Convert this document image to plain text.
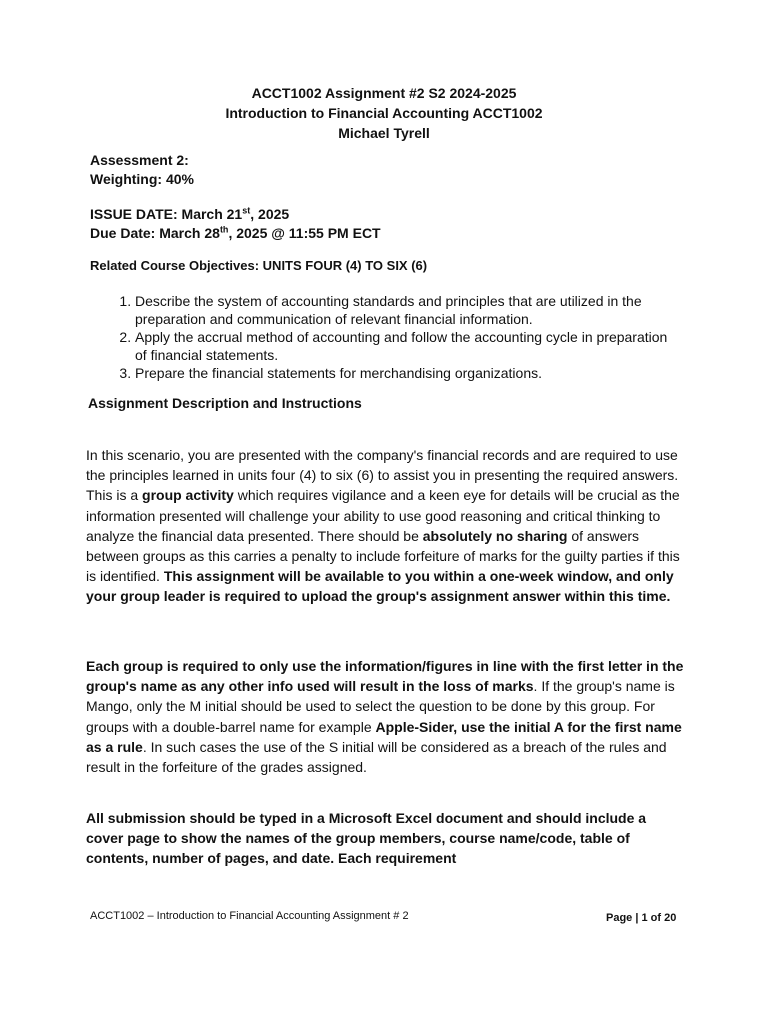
ACCT1002 Assignment #2 S2 2024-2025
Introduction to Financial Accounting ACCT1002
Michael Tyrell
Assessment 2:
Weighting: 40%
ISSUE DATE: March 21st, 2025
Due Date: March 28th, 2025 @ 11:55 PM ECT
Related Course Objectives: UNITS FOUR (4) TO SIX (6)
1. Describe the system of accounting standards and principles that are utilized in the preparation and communication of relevant financial information.
2. Apply the accrual method of accounting and follow the accounting cycle in preparation of financial statements.
3. Prepare the financial statements for merchandising organizations.
Assignment Description and Instructions
In this scenario, you are presented with the company's financial records and are required to use the principles learned in units four (4) to six (6) to assist you in presenting the required answers. This is a group activity which requires vigilance and a keen eye for details will be crucial as the information presented will challenge your ability to use good reasoning and critical thinking to analyze the financial data presented. There should be absolutely no sharing of answers between groups as this carries a penalty to include forfeiture of marks for the guilty parties if this is identified. This assignment will be available to you within a one-week window, and only your group leader is required to upload the group's assignment answer within this time.
Each group is required to only use the information/figures in line with the first letter in the group's name as any other info used will result in the loss of marks. If the group's name is Mango, only the M initial should be used to select the question to be done by this group. For groups with a double-barrel name for example Apple-Sider, use the initial A for the first name as a rule. In such cases the use of the S initial will be considered as a breach of the rules and result in the forfeiture of the grades assigned.
All submission should be typed in a Microsoft Excel document and should include a cover page to show the names of the group members, course name/code, table of contents, number of pages, and date. Each requirement
ACCT1002 – Introduction to Financial Accounting Assignment # 2	Page | 1 of 20
